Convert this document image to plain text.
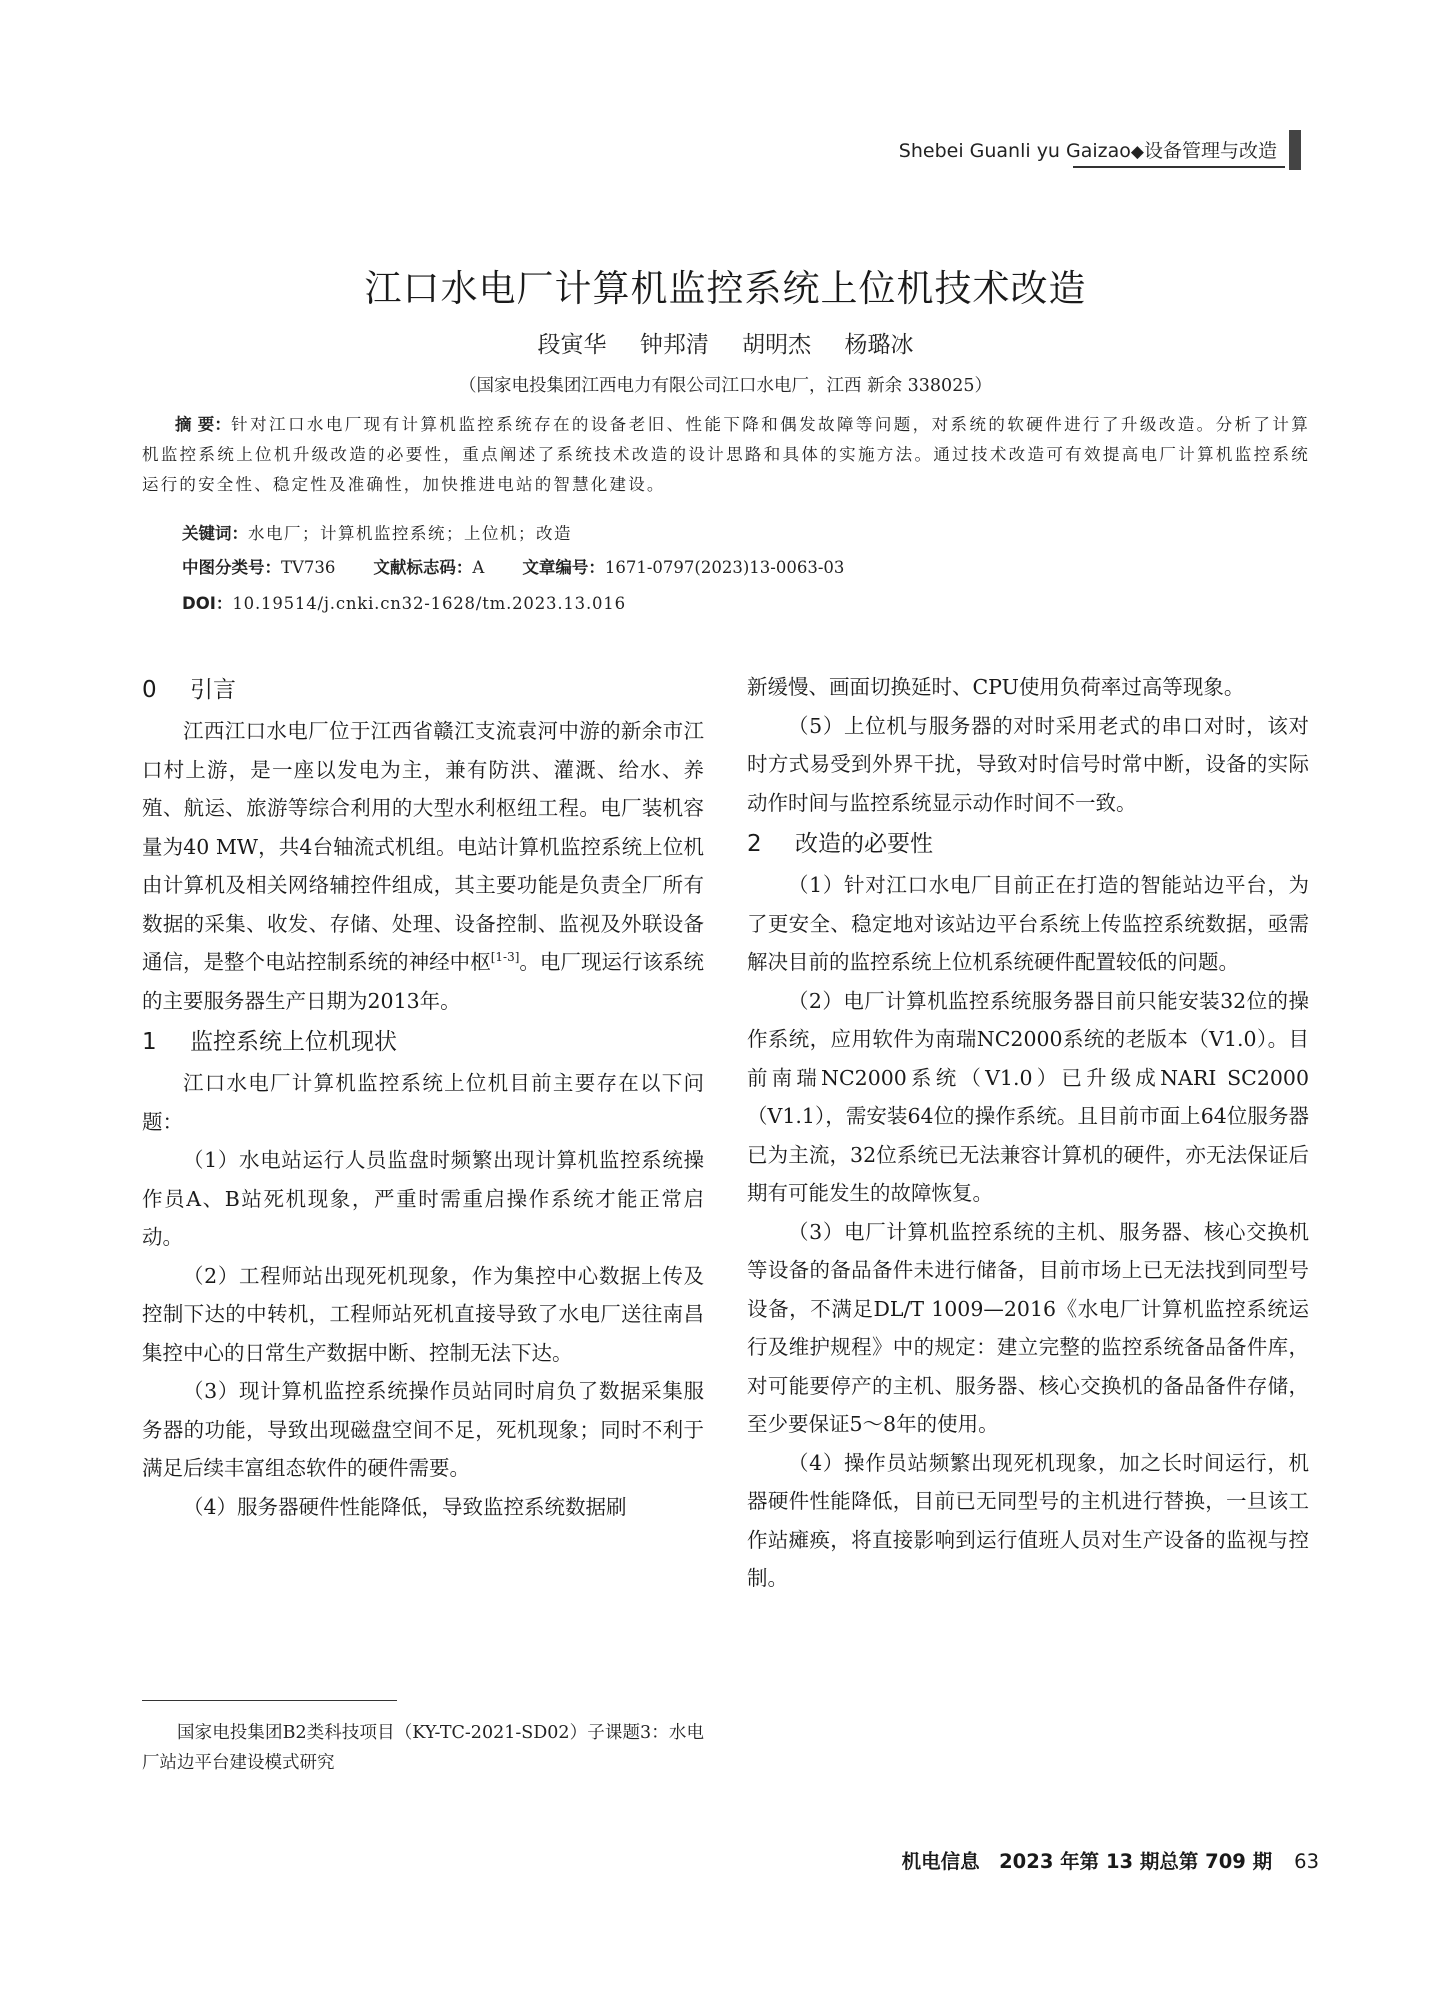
Shebei Guanli yu Gaizao◆设备管理与改造
江口水电厂计算机监控系统上位机技术改造
段寅华 钟邦清 胡明杰 杨璐冰
（国家电投集团江西电力有限公司江口水电厂，江西 新余 338025）
摘 要：针对江口水电厂现有计算机监控系统存在的设备老旧、性能下降和偶发故障等问题，对系统的软硬件进行了升级改造。分析了计算机监控系统上位机升级改造的必要性，重点阐述了系统技术改造的设计思路和具体的实施方法。通过技术改造可有效提高电厂计算机监控系统运行的安全性、稳定性及准确性，加快推进电站的智慧化建设。
关键词：水电厂；计算机监控系统；上位机；改造
中图分类号：TV736 文献标志码：A 文章编号：1671-0797(2023)13-0063-03
DOI：10.19514/j.cnki.cn32-1628/tm.2023.13.016
0 引言

江西江口水电厂位于江西省赣江支流袁河中游的新余市江口村上游，是一座以发电为主，兼有防洪、灌溉、给水、养殖、航运、旅游等综合利用的大型水利枢纽工程。电厂装机容量为40 MW，共4台轴流式机组。电站计算机监控系统上位机由计算机及相关网络辅控件组成，其主要功能是负责全厂所有数据的采集、收发、存储、处理、设备控制、监视及外联设备通信，是整个电站控制系统的神经中枢[1-3]。电厂现运行该系统的主要服务器生产日期为2013年。

1 监控系统上位机现状

江口水电厂计算机监控系统上位机目前主要存在以下问题：

（1）水电站运行人员监盘时频繁出现计算机监控系统操作员A、B站死机现象，严重时需重启操作系统才能正常启动。

（2）工程师站出现死机现象，作为集控中心数据上传及控制下达的中转机，工程师站死机直接导致了水电厂送往南昌集控中心的日常生产数据中断、控制无法下达。

（3）现计算机监控系统操作员站同时肩负了数据采集服务器的功能，导致出现磁盘空间不足，死机现象；同时不利于满足后续丰富组态软件的硬件需要。

（4）服务器硬件性能降低，导致监控系统数据刷

新缓慢、画面切换延时、CPU使用负荷率过高等现象。

（5）上位机与服务器的对时采用老式的串口对时，该对时方式易受到外界干扰，导致对时信号时常中断，设备的实际动作时间与监控系统显示动作时间不一致。

2 改造的必要性

（1）针对江口水电厂目前正在打造的智能站边平台，为了更安全、稳定地对该站边平台系统上传监控系统数据，亟需解决目前的监控系统上位机系统硬件配置较低的问题。

（2）电厂计算机监控系统服务器目前只能安装32位的操作系统，应用软件为南瑞NC2000系统的老版本（V1.0）。目前南瑞NC2000系统（V1.0）已升级成NARI SC2000（V1.1），需安装64位的操作系统。且目前市面上64位服务器已为主流，32位系统已无法兼容计算机的硬件，亦无法保证后期有可能发生的故障恢复。

（3）电厂计算机监控系统的主机、服务器、核心交换机等设备的备品备件未进行储备，目前市场上已无法找到同型号设备，不满足DL/T 1009—2016《水电厂计算机监控系统运行及维护规程》中的规定：建立完整的监控系统备品备件库，对可能要停产的主机、服务器、核心交换机的备品备件存储，至少要保证5～8年的使用。

（4）操作员站频繁出现死机现象，加之长时间运行，机器硬件性能降低，目前已无同型号的主机进行替换，一旦该工作站瘫痪，将直接影响到运行值班人员对生产设备的监视与控制。

国家电投集团B2类科技项目（KY-TC-2021-SD02）子课题3：水电厂站边平台建设模式研究
机电信息　2023 年第 13 期总第 709 期 63
